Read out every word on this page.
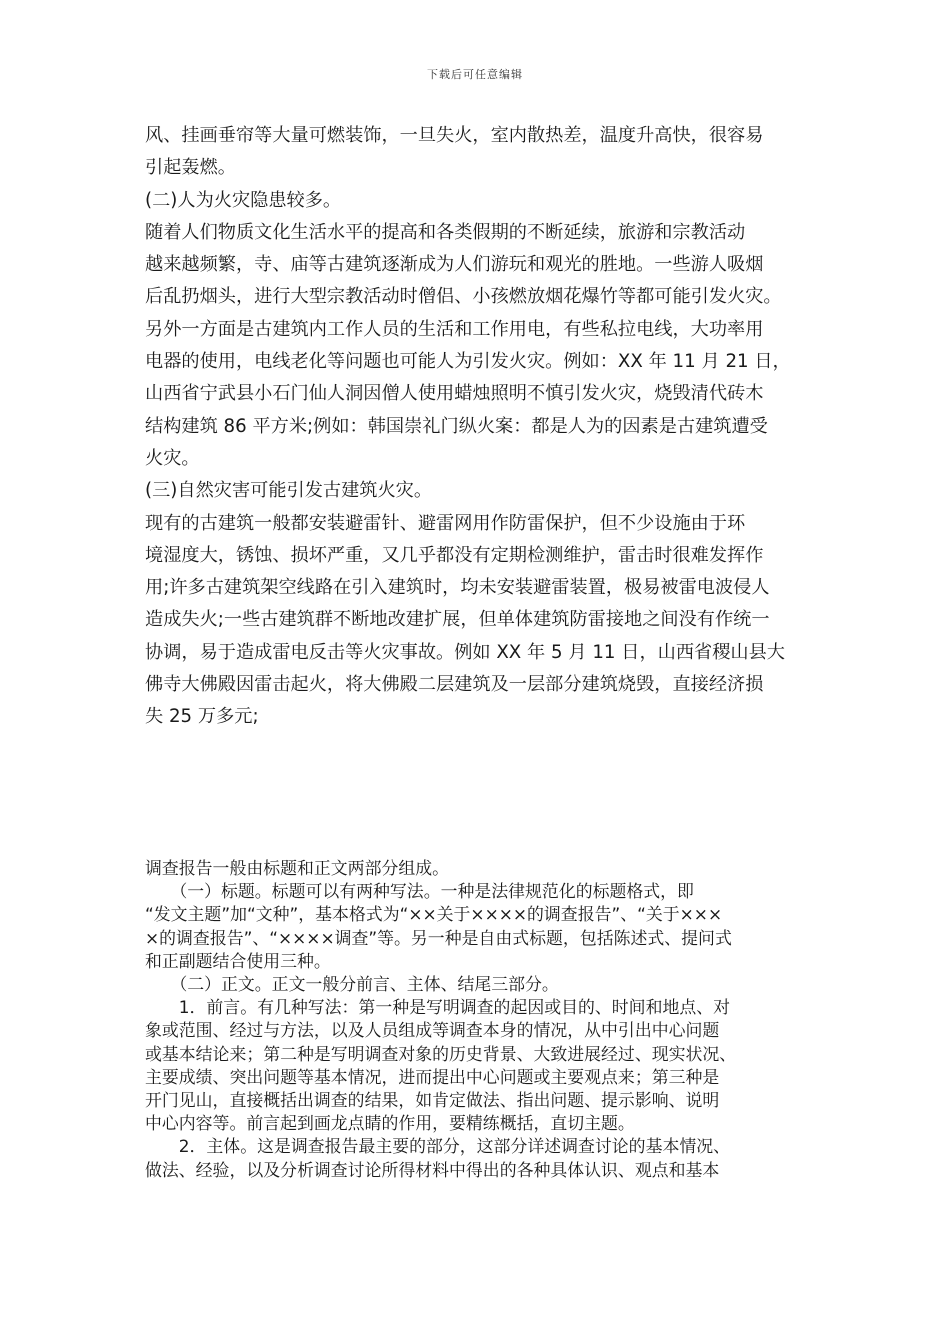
下载后可任意编辑

风、挂画垂帘等大量可燃装饰，一旦失火，室内散热差，温度升高快，很容易

引起轰燃。

(二)人为火灾隐患较多。

随着人们物质文化生活水平的提高和各类假期的不断延续，旅游和宗教活动

越来越频繁，寺、庙等古建筑逐渐成为人们游玩和观光的胜地。一些游人吸烟

后乱扔烟头，进行大型宗教活动时僧侣、小孩燃放烟花爆竹等都可能引发火灾。

另外一方面是古建筑内工作人员的生活和工作用电，有些私拉电线，大功率用

电器的使用，电线老化等问题也可能人为引发火灾。例如：XX 年 11 月 21 日，

山西省宁武县小石门仙人洞因僧人使用蜡烛照明不慎引发火灾，烧毁清代砖木

结构建筑 86 平方米;例如：韩国崇礼门纵火案：都是人为的因素是古建筑遭受

火灾。

(三)自然灾害可能引发古建筑火灾。

现有的古建筑一般都安装避雷针、避雷网用作防雷保护，但不少设施由于环

境湿度大，锈蚀、损坏严重，又几乎都没有定期检测维护，雷击时很难发挥作

用;许多古建筑架空线路在引入建筑时，均未安装避雷装置，极易被雷电波侵人

造成失火;一些古建筑群不断地改建扩展，但单体建筑防雷接地之间没有作统一

协调，易于造成雷电反击等火灾事故。例如 XX 年 5 月 11 日，山西省稷山县大

佛寺大佛殿因雷击起火，将大佛殿二层建筑及一层部分建筑烧毁，直接经济损

失 25 万多元;

调查报告一般由标题和正文两部分组成。

　　（一）标题。标题可以有两种写法。一种是法律规范化的标题格式，即

“发文主题”加“文种”，基本格式为“××关于××××的调查报告”、“关于×××

×的调查报告”、“××××调查”等。另一种是自由式标题，包括陈述式、提问式

和正副题结合使用三种。

　　（二）正文。正文一般分前言、主体、结尾三部分。

　　1．前言。有几种写法：第一种是写明调查的起因或目的、时间和地点、对

象或范围、经过与方法，以及人员组成等调查本身的情况，从中引出中心问题

或基本结论来；第二种是写明调查对象的历史背景、大致进展经过、现实状况、

主要成绩、突出问题等基本情况，进而提出中心问题或主要观点来；第三种是

开门见山，直接概括出调查的结果，如肯定做法、指出问题、提示影响、说明

中心内容等。前言起到画龙点睛的作用，要精练概括，直切主题。

　　2．主体。这是调查报告最主要的部分，这部分详述调查讨论的基本情况、

做法、经验，以及分析调查讨论所得材料中得出的各种具体认识、观点和基本
